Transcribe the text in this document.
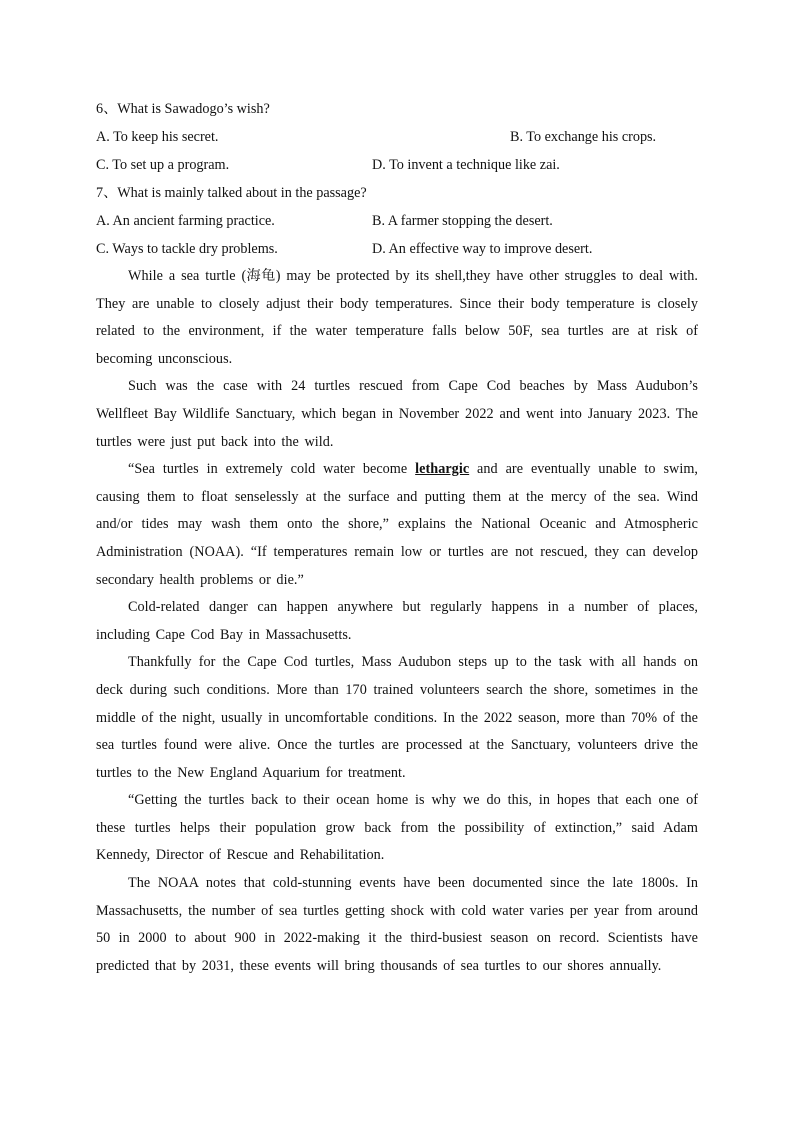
6、What is Sawadogo’s wish?
A. To keep his secret.	B. To exchange his crops.
C. To set up a program.	D. To invent a technique like zai.
7、What is mainly talked about in the passage?
A. An ancient farming practice.	B. A farmer stopping the desert.
C. Ways to tackle dry problems.	D. An effective way to improve desert.

While a sea turtle (海龟) may be protected by its shell,they have other struggles to deal with. They are unable to closely adjust their body temperatures. Since their body temperature is closely related to the environment, if the water temperature falls below 50F, sea turtles are at risk of becoming unconscious.

Such was the case with 24 turtles rescued from Cape Cod beaches by Mass Audubon’s Wellfleet Bay Wildlife Sanctuary, which began in November 2022 and went into January 2023. The turtles were just put back into the wild.

“Sea turtles in extremely cold water become lethargic and are eventually unable to swim, causing them to float senselessly at the surface and putting them at the mercy of the sea. Wind and/or tides may wash them onto the shore,” explains the National Oceanic and Atmospheric Administration (NOAA). “If temperatures remain low or turtles are not rescued, they can develop secondary health problems or die.”

Cold-related danger can happen anywhere but regularly happens in a number of places, including Cape Cod Bay in Massachusetts.

Thankfully for the Cape Cod turtles, Mass Audubon steps up to the task with all hands on deck during such conditions. More than 170 trained volunteers search the shore, sometimes in the middle of the night, usually in uncomfortable conditions. In the 2022 season, more than 70% of the sea turtles found were alive. Once the turtles are processed at the Sanctuary, volunteers drive the turtles to the New England Aquarium for treatment.

“Getting the turtles back to their ocean home is why we do this, in hopes that each one of these turtles helps their population grow back from the possibility of extinction,” said Adam Kennedy, Director of Rescue and Rehabilitation.

The NOAA notes that cold-stunning events have been documented since the late 1800s. In Massachusetts, the number of sea turtles getting shock with cold water varies per year from around 50 in 2000 to about 900 in 2022-making it the third-busiest season on record. Scientists have predicted that by 2031, these events will bring thousands of sea turtles to our shores annually.
